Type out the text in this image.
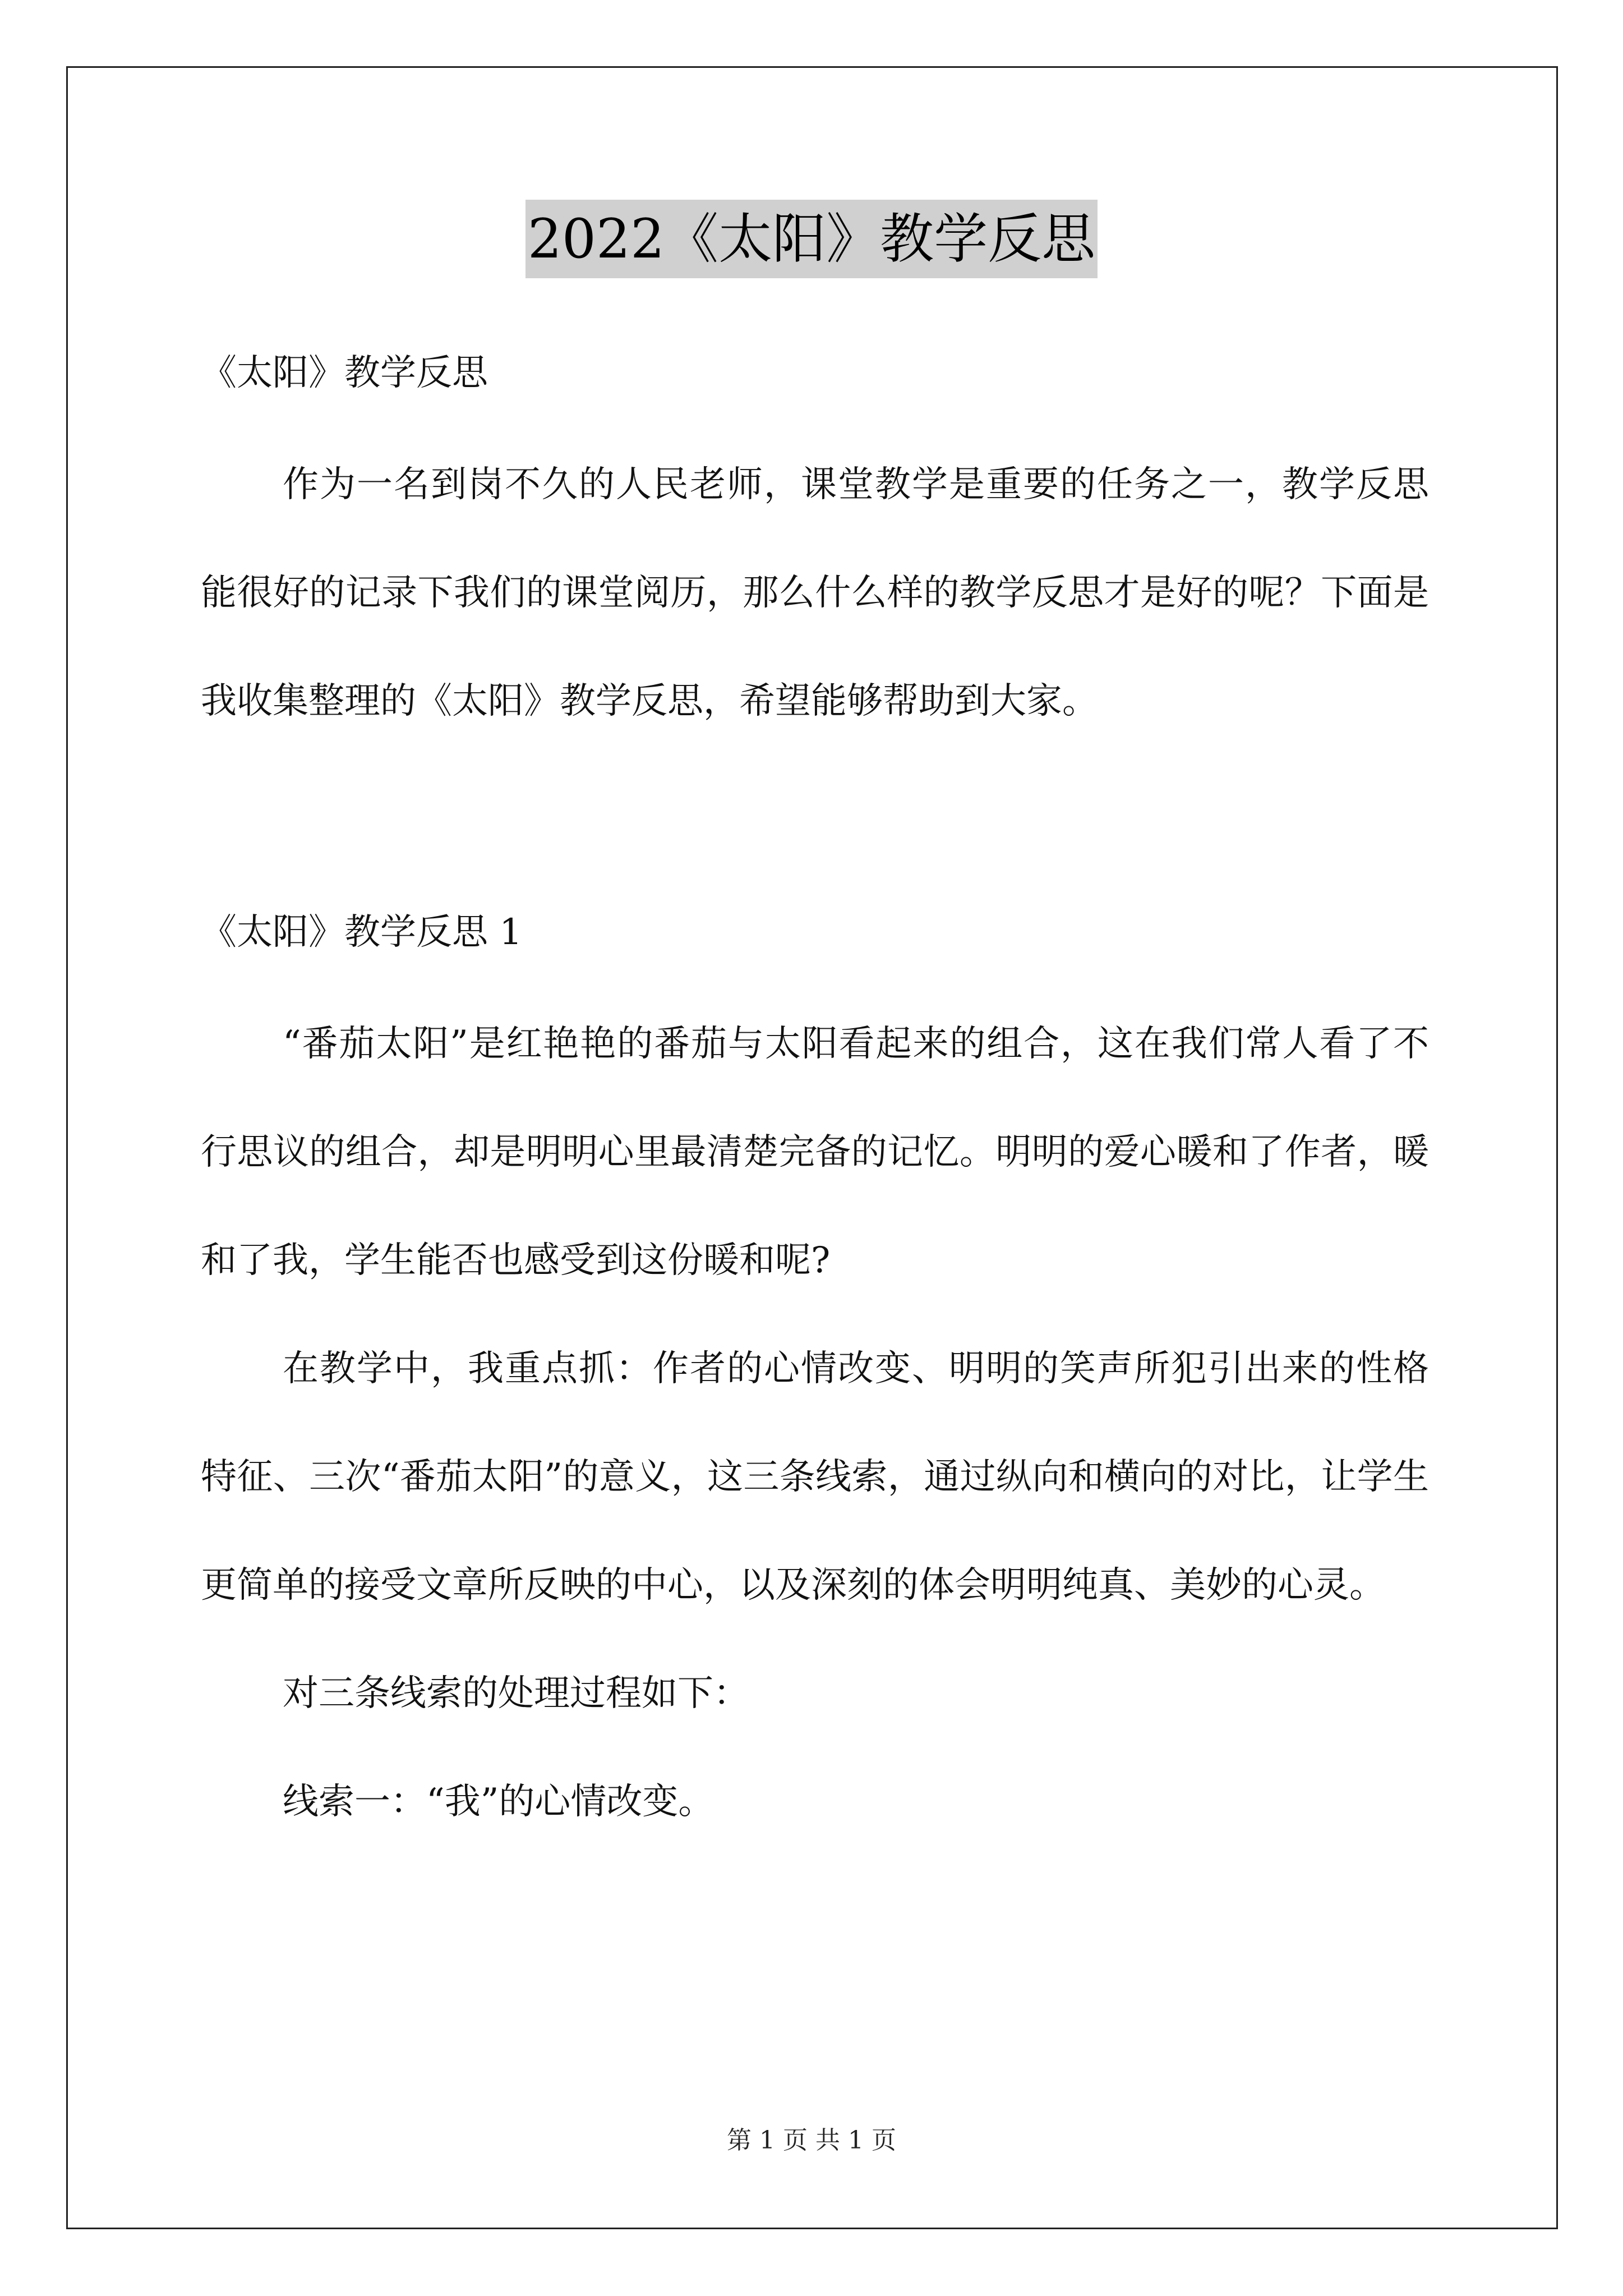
2022《太阳》教学反思

《太阳》教学反思

作为一名到岗不久的人民老师，课堂教学是重要的任务之一，教学反思能很好的记录下我们的课堂阅历，那么什么样的教学反思才是好的呢？下面是我收集整理的《太阳》教学反思，希望能够帮助到大家。

《太阳》教学反思 1

“番茄太阳”是红艳艳的番茄与太阳看起来的组合，这在我们常人看了不行思议的组合，却是明明心里最清楚完备的记忆。明明的爱心暖和了作者，暖和了我，学生能否也感受到这份暖和呢?

在教学中，我重点抓：作者的心情改变、明明的笑声所犯引出来的性格特征、三次“番茄太阳”的意义，这三条线索，通过纵向和横向的对比，让学生更简单的接受文章所反映的中心，以及深刻的体会明明纯真、美妙的心灵。

对三条线索的处理过程如下：

线索一：“我”的心情改变。

第 1 页 共 1 页
